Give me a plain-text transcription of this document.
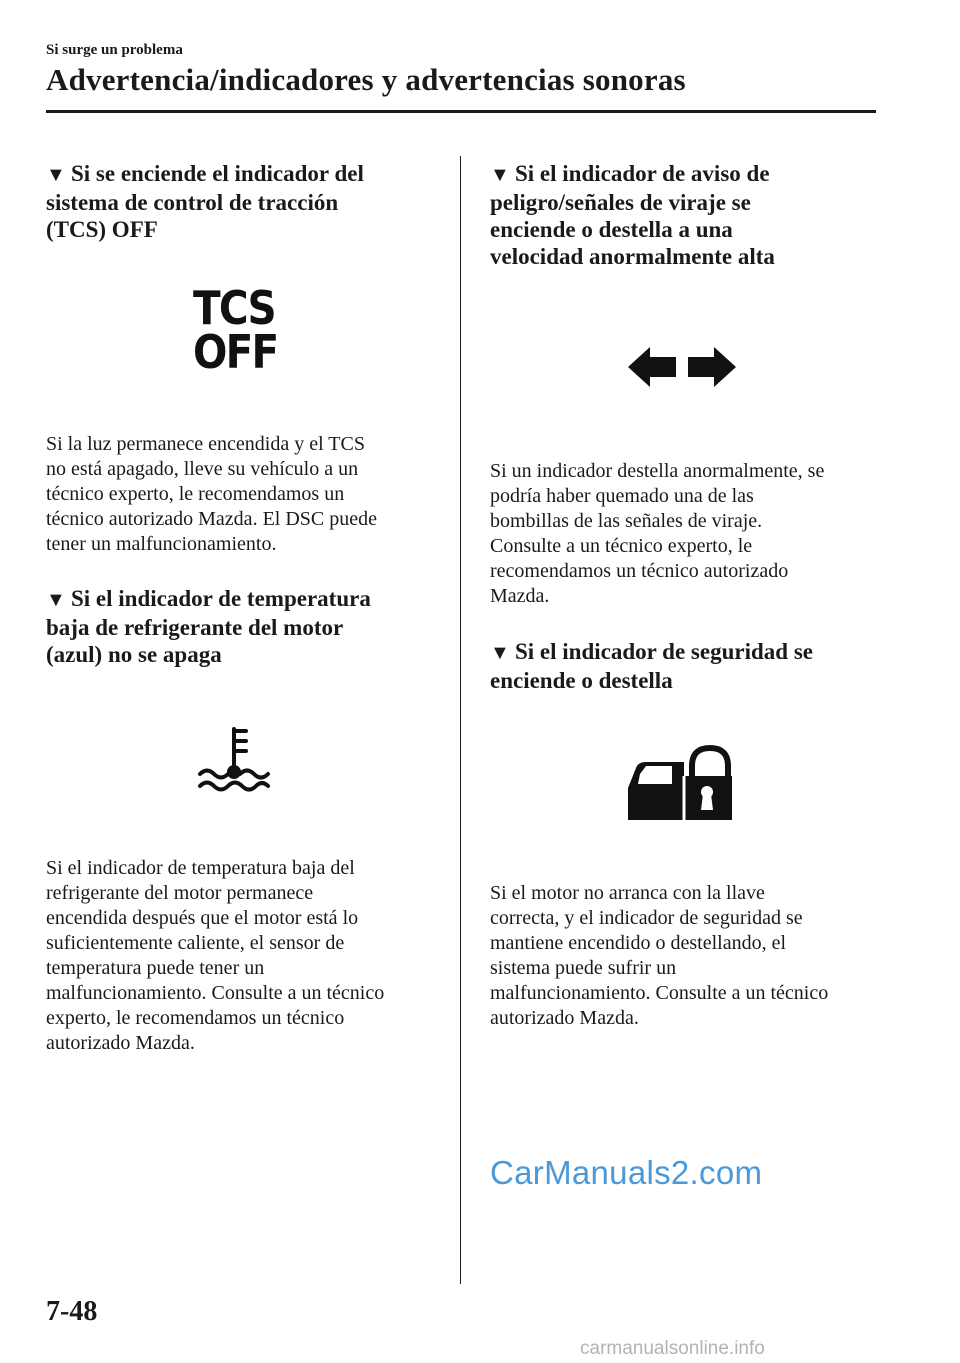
Si surge un problema
Advertencia/indicadores y advertencias sonoras
▼ Si se enciende el indicador del
sistema de control de tracción
(TCS) OFF
TCS
OFF
Si la luz permanece encendida y el TCS
no está apagado, lleve su vehículo a un
técnico experto, le recomendamos un
técnico autorizado Mazda. El DSC puede
tener un malfuncionamiento.
▼ Si el indicador de temperatura
baja de refrigerante del motor
(azul) no se apaga
Si el indicador de temperatura baja del
refrigerante del motor permanece
encendida después que el motor está lo
suficientemente caliente, el sensor de
temperatura puede tener un
malfuncionamiento. Consulte a un técnico
experto, le recomendamos un técnico
autorizado Mazda.
▼ Si el indicador de aviso de
peligro/señales de viraje se
enciende o destella a una
velocidad anormalmente alta
Si un indicador destella anormalmente, se
podría haber quemado una de las
bombillas de las señales de viraje.
Consulte a un técnico experto, le
recomendamos un técnico autorizado
Mazda.
▼ Si el indicador de seguridad se
enciende o destella
Si el motor no arranca con la llave
correcta, y el indicador de seguridad se
mantiene encendido o destellando, el
sistema puede sufrir un
malfuncionamiento. Consulte a un técnico
autorizado Mazda.
CarManuals2.com
7-48
carmanualsonline.info
